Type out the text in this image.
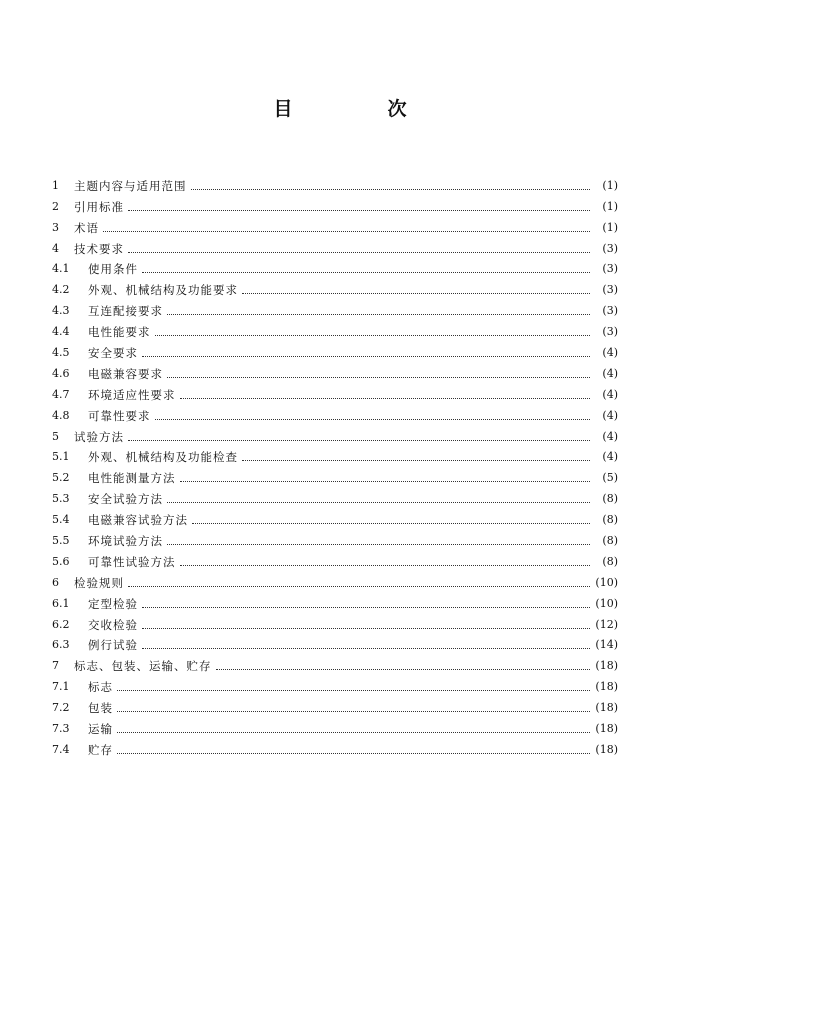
目　次
1	主题内容与适用范围	(1)
2	引用标准	(1)
3	术语	(1)
4	技术要求	(3)
4.1	使用条件	(3)
4.2	外观、机械结构及功能要求	(3)
4.3	互连配接要求	(3)
4.4	电性能要求	(3)
4.5	安全要求	(4)
4.6	电磁兼容要求	(4)
4.7	环境适应性要求	(4)
4.8	可靠性要求	(4)
5	试验方法	(4)
5.1	外观、机械结构及功能检查	(4)
5.2	电性能测量方法	(5)
5.3	安全试验方法	(8)
5.4	电磁兼容试验方法	(8)
5.5	环境试验方法	(8)
5.6	可靠性试验方法	(8)
6	检验规则	(10)
6.1	定型检验	(10)
6.2	交收检验	(12)
6.3	例行试验	(14)
7	标志、包装、运输、贮存	(18)
7.1	标志	(18)
7.2	包装	(18)
7.3	运输	(18)
7.4	贮存	(18)
